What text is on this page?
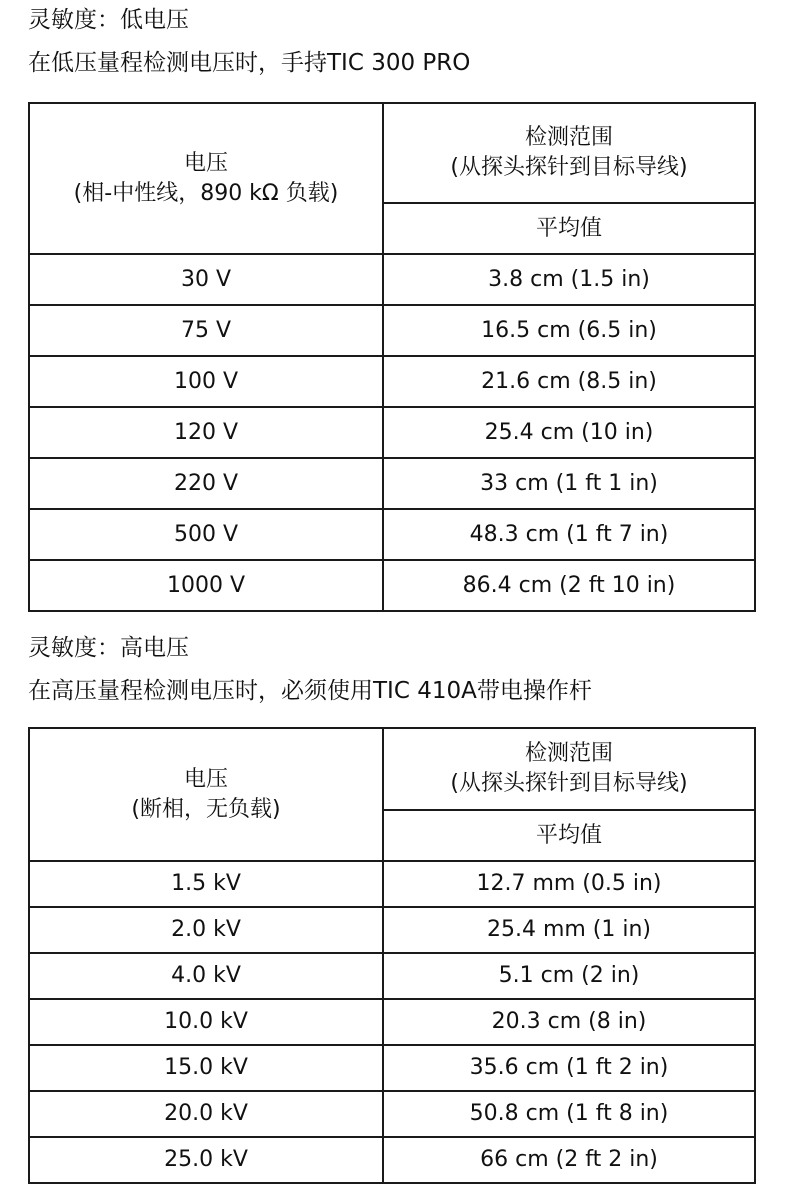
灵敏度：低电压
在低压量程检测电压时，手持TIC 300 PRO
电压
(相-中性线，890 kΩ 负载)	检测范围
(从探头探针到目标导线)

	平均值
30 V	3.8 cm (1.5 in)
75 V	16.5 cm (6.5 in)
100 V	21.6 cm (8.5 in)
120 V	25.4 cm (10 in)
220 V	33 cm (1 ft 1 in)
500 V	48.3 cm (1 ft 7 in)
1000 V	86.4 cm (2 ft 10 in)
灵敏度：高电压
在高压量程检测电压时，必须使用TIC 410A带电操作杆
电压
(断相，无负载)	检测范围
(从探头探针到目标导线)

	平均值
1.5 kV	12.7 mm (0.5 in)
2.0 kV	25.4 mm (1 in)
4.0 kV	5.1 cm (2 in)
10.0 kV	20.3 cm (8 in)
15.0 kV	35.6 cm (1 ft 2 in)
20.0 kV	50.8 cm (1 ft 8 in)
25.0 kV	66 cm (2 ft 2 in)
